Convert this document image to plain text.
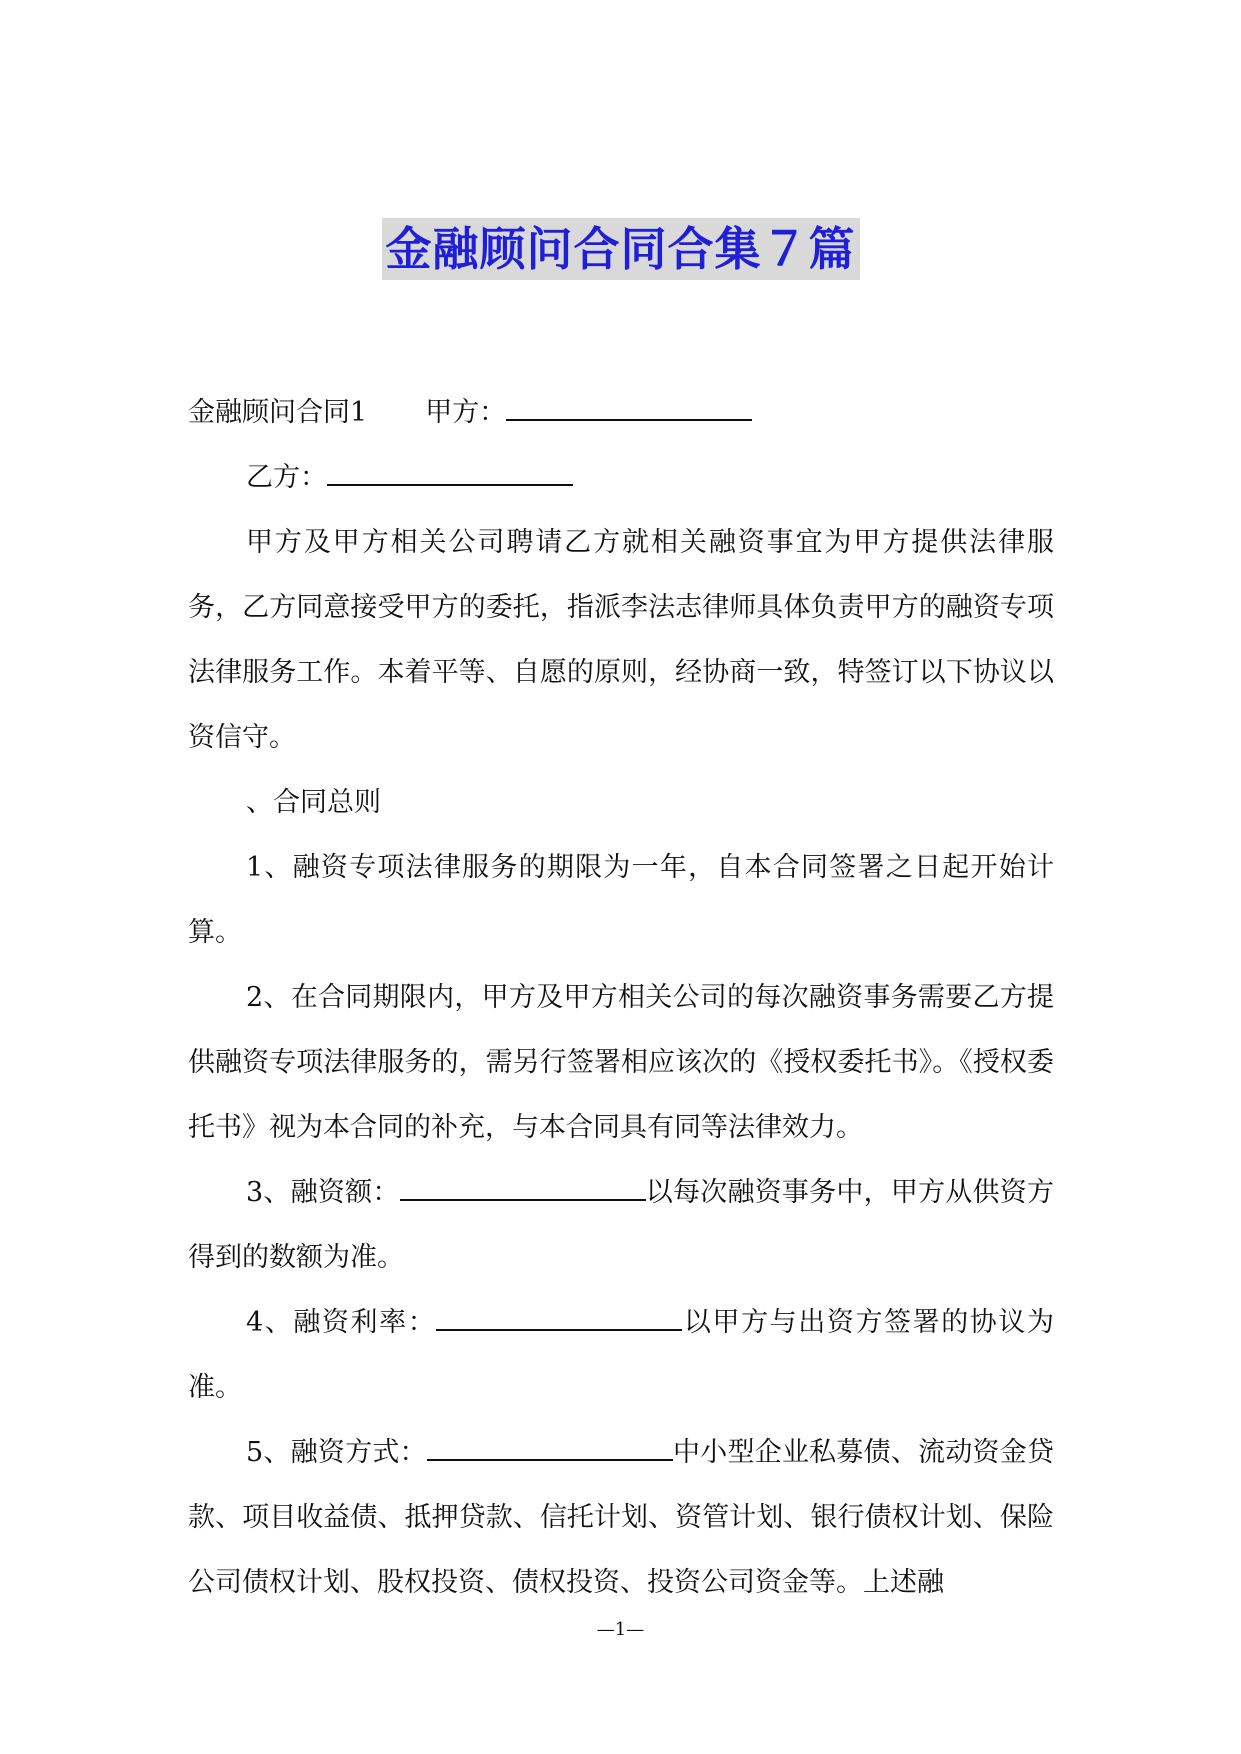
金融顾问合同合集７篇

金融顾问合同1 甲方：

乙方：

甲方及甲方相关公司聘请乙方就相关融资事宜为甲方提供法律服务，乙方同意接受甲方的委托，指派李法志律师具体负责甲方的融资专项法律服务工作。本着平等、自愿的原则，经协商一致，特签订以下协议以资信守。

、合同总则

1、融资专项法律服务的期限为一年，自本合同签署之日起开始计算。

2、在合同期限内，甲方及甲方相关公司的每次融资事务需要乙方提供融资专项法律服务的，需另行签署相应该次的《授权委托书》。《授权委托书》视为本合同的补充，与本合同具有同等法律效力。

3、融资额：	以每次融资事务中，甲方从供资方得到的数额为准。

4、融资利率：	以甲方与出资方签署的协议为准。

5、融资方式：	中小型企业私募债、流动资金贷款、项目收益债、抵押贷款、信托计划、资管计划、银行债权计划、保险公司债权计划、股权投资、债权投资、投资公司资金等。上述融

—1—
